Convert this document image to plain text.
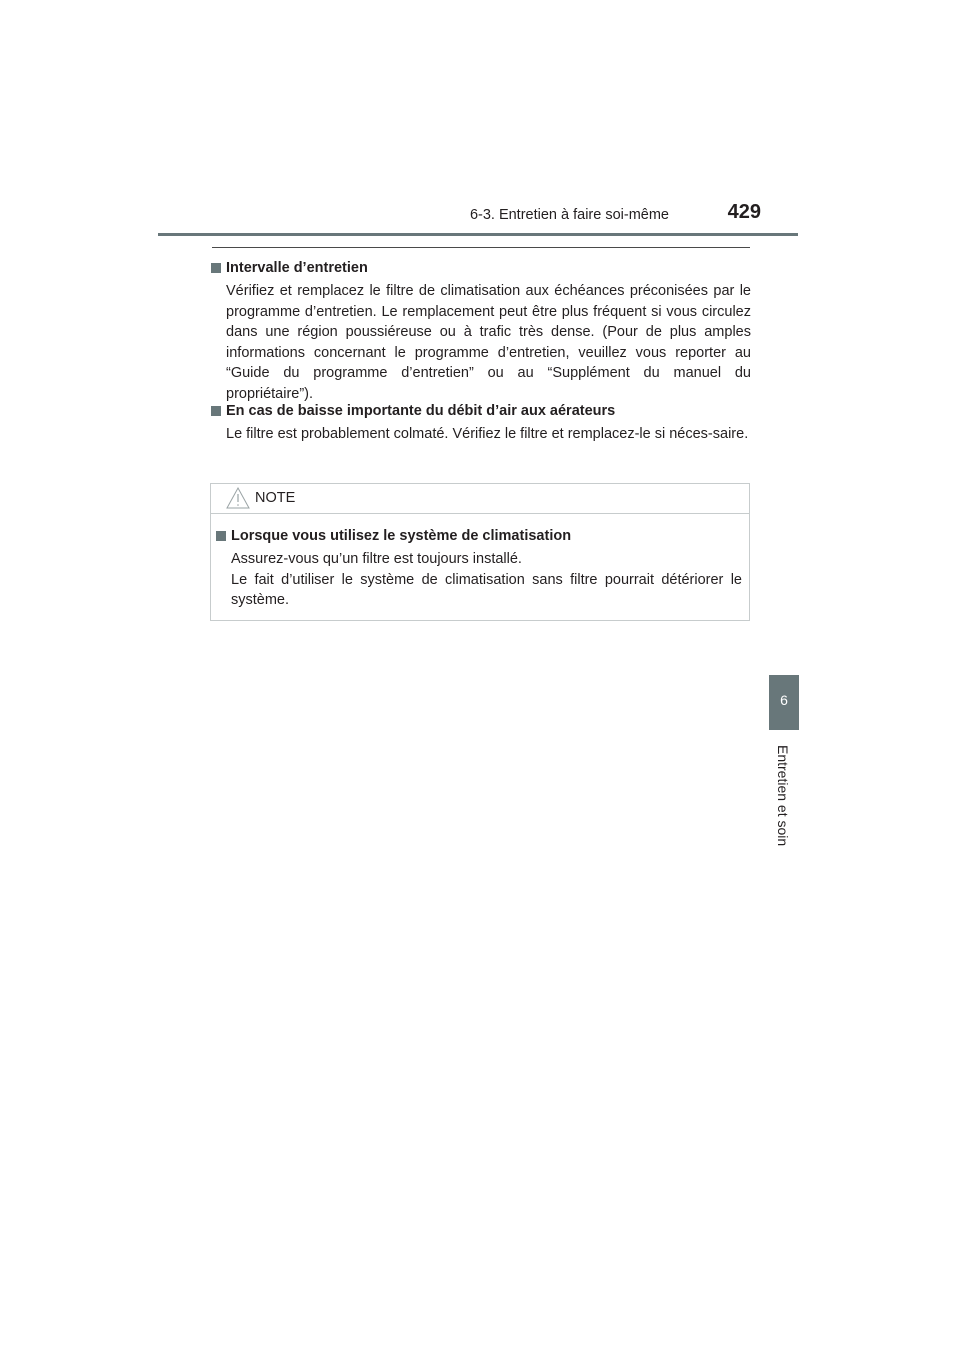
6-3. Entretien à faire soi-même	429
Intervalle d’entretien
Vérifiez et remplacez le filtre de climatisation aux échéances préconisées par le programme d’entretien. Le remplacement peut être plus fréquent si vous circulez dans une région poussiéreuse ou à trafic très dense. (Pour de plus amples informations concernant le programme d’entretien, veuillez vous reporter au “Guide du programme d’entretien” ou au “Supplément du manuel du propriétaire”).
En cas de baisse importante du débit d’air aux aérateurs
Le filtre est probablement colmaté. Vérifiez le filtre et remplacez-le si néces-saire.
NOTE
Lorsque vous utilisez le système de climatisation
Assurez-vous qu’un filtre est toujours installé.
Le fait d’utiliser le système de climatisation sans filtre pourrait détériorer le système.
6
Entretien et soin
